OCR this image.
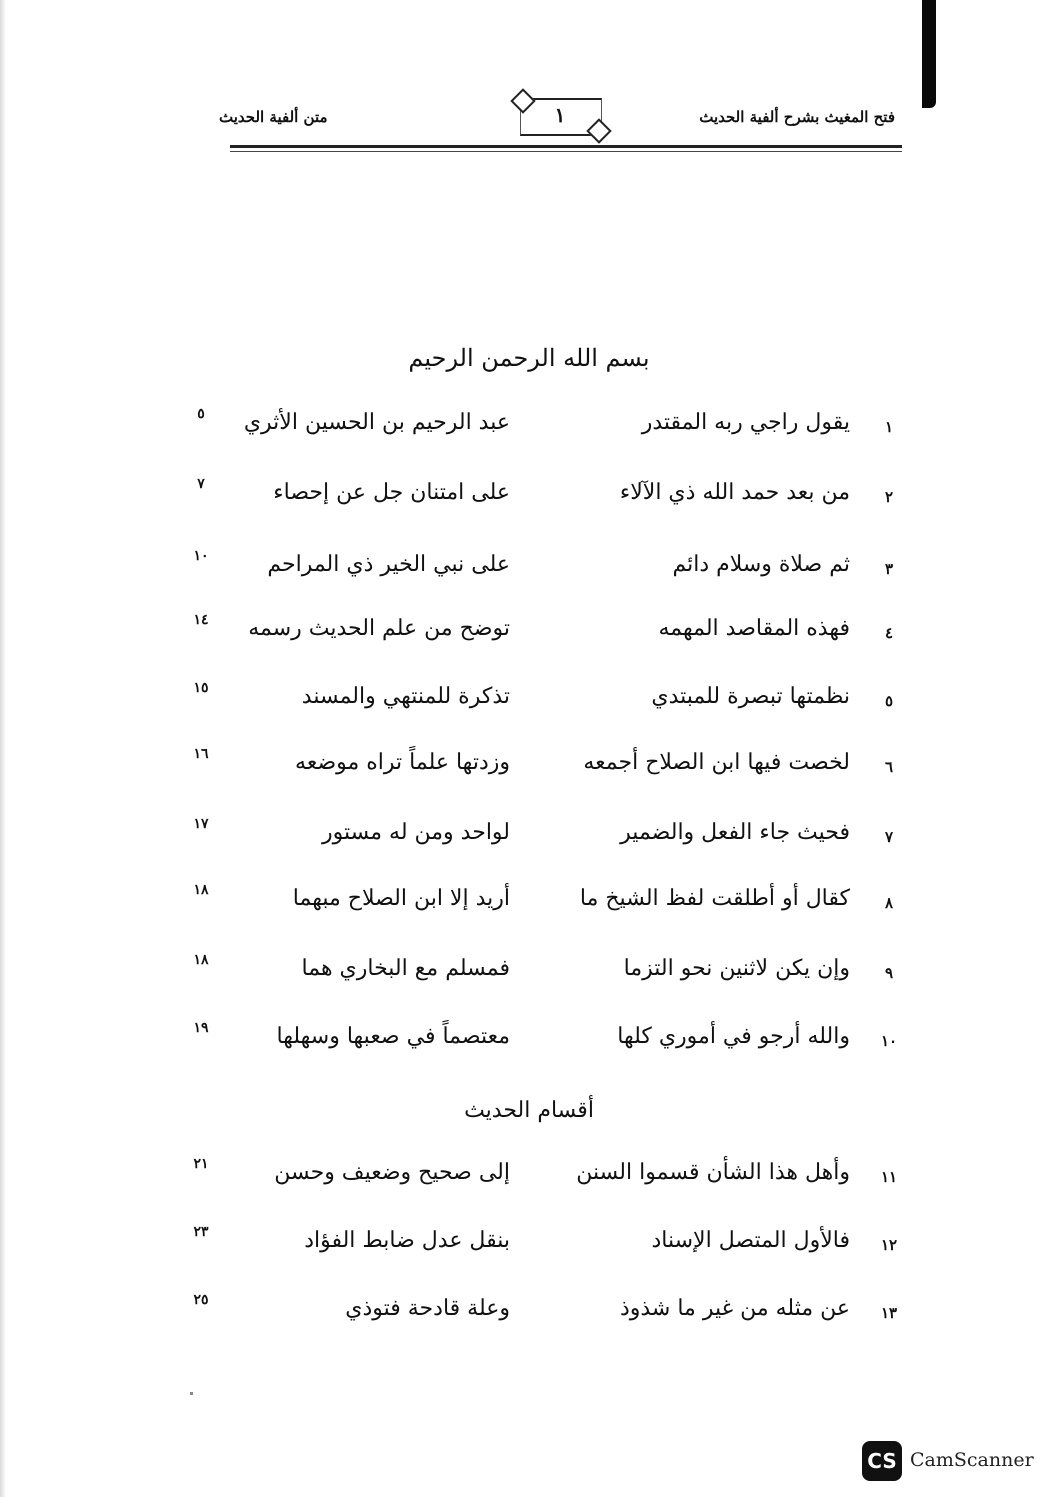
متن ألفية الحديث	١	فتح المغيث بشرح ألفية الحديث
بسم الله الرحمن الرحيم
١
يقول راجي ربه المقتدر
عبد الرحيم بن الحسين الأثري
٥
٢
من بعد حمد الله ذي الآلاء
على امتنان جل عن إحصاء
٧
٣
ثم صلاة وسلام دائم
على نبي الخير ذي المراحم
١٠
٤
فهذه المقاصد المهمه
توضح من علم الحديث رسمه
١٤
٥
نظمتها تبصرة للمبتدي
تذكرة للمنتهي والمسند
١٥
٦
لخصت فيها ابن الصلاح أجمعه
وزدتها علماً تراه موضعه
١٦
٧
فحيث جاء الفعل والضمير
لواحد ومن له مستور
١٧
٨
كقال أو أطلقت لفظ الشيخ ما
أريد إلا ابن الصلاح مبهما
١٨
٩
وإن يكن لاثنين نحو التزما
فمسلم مع البخاري هما
١٨
١٠
والله أرجو في أموري كلها
معتصماً في صعبها وسهلها
١٩
أقسام الحديث
١١
وأهل هذا الشأن قسموا السنن
إلى صحيح وضعيف وحسن
٢١
١٢
فالأول المتصل الإسناد
بنقل عدل ضابط الفؤاد
٢٣
١٣
عن مثله من غير ما شذوذ
وعلة قادحة فتوذي
٢٥
CS CamScanner
